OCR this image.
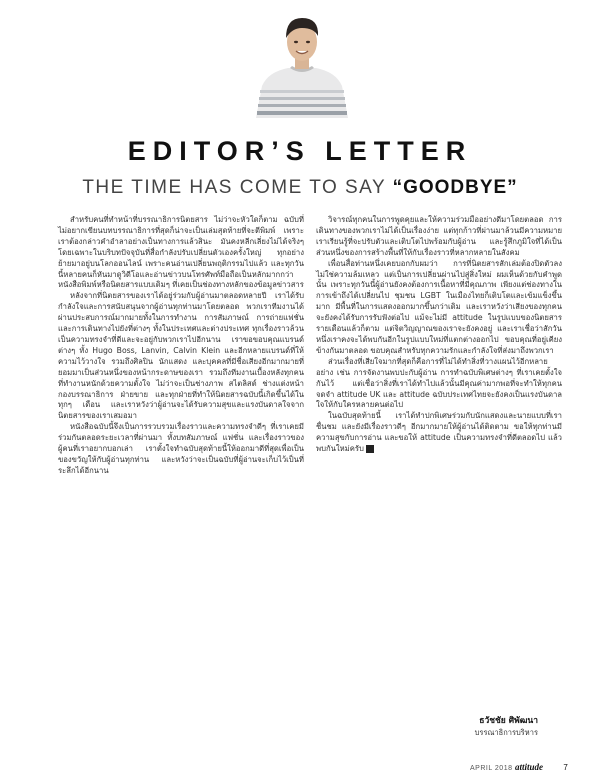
EDITOR’S LETTER
THE TIME HAS COME TO SAY “GOODBYE”

สำหรับคนที่ทำหน้าที่บรรณาธิการนิตยสาร ไม่ว่าจะหัวใดก็ตาม ฉบับที่ไม่อยากเขียนบทบรรณาธิการที่สุดก็น่าจะเป็นเล่มสุดท้ายที่จะตีพิมพ์ เพราะเราต้องกล่าวคำอำลาอย่างเป็นทางการแล้วสินะ มันคงหลีกเลี่ยงไม่ได้จริงๆ โดยเฉพาะในบริบทปัจจุบันที่สื่อกำลังปรับเปลี่ยนตัวเองครั้งใหญ่ ทุกอย่างย้ายมาอยู่บนโลกออนไลน์ เพราะคนอ่านเปลี่ยนพฤติกรรมไปแล้ว และทุกวันนี้หลายคนก็หันมาดูวิดีโอและอ่านข่าวบนโทรศัพท์มือถือเป็นหลักมากกว่าหนังสือพิมพ์หรือนิตยสารแบบเดิมๆ ที่เคยเป็นช่องทางหลักของข้อมูลข่าวสาร

หลังจากที่นิตยสารของเราได้อยู่ร่วมกับผู้อ่านมาตลอดหลายปี เราได้รับกำลังใจและการสนับสนุนจากผู้อ่านทุกท่านมาโดยตลอด พวกเราทีมงานได้ผ่านประสบการณ์มากมายทั้งในการทำงาน การสัมภาษณ์ การถ่ายแฟชั่น และการเดินทางไปยังที่ต่างๆ ทั้งในประเทศและต่างประเทศ ทุกเรื่องราวล้วนเป็นความทรงจำที่ดีและจะอยู่กับพวกเราไปอีกนาน เราขอขอบคุณแบรนด์ต่างๆ ทั้ง Hugo Boss, Lanvin, Calvin Klein และอีกหลายแบรนด์ที่ให้ความไว้วางใจ รวมถึงศิลปิน นักแสดง และบุคคลที่มีชื่อเสียงอีกมากมายที่ยอมมาเป็นส่วนหนึ่งของหน้ากระดาษของเรา รวมถึงทีมงานเบื้องหลังทุกคนที่ทำงานหนักด้วยความตั้งใจ ไม่ว่าจะเป็นช่างภาพ สไตลิสต์ ช่างแต่งหน้า กองบรรณาธิการ ฝ่ายขาย และทุกฝ่ายที่ทำให้นิตยสารฉบับนี้เกิดขึ้นได้ในทุกๆ เดือน และเราหวังว่าผู้อ่านจะได้รับความสุขและแรงบันดาลใจจากนิตยสารของเราเสมอมา

หนังสือฉบับนี้จึงเป็นการรวบรวมเรื่องราวและความทรงจำดีๆ ที่เราเคยมีร่วมกันตลอดระยะเวลาที่ผ่านมา ทั้งบทสัมภาษณ์ แฟชั่น และเรื่องราวของผู้คนที่เราอยากบอกเล่า เราตั้งใจทำฉบับสุดท้ายนี้ให้ออกมาดีที่สุดเพื่อเป็นของขวัญให้กับผู้อ่านทุกท่าน และหวังว่าจะเป็นฉบับที่ผู้อ่านจะเก็บไว้เป็นที่ระลึกได้อีกนาน

วิจารณ์ทุกคนในการพูดคุยและให้ความร่วมมืออย่างดีมาโดยตลอด การเดินทางของพวกเราไม่ได้เป็นเรื่องง่าย แต่ทุกก้าวที่ผ่านมาล้วนมีความหมาย เราเรียนรู้ที่จะปรับตัวและเติบโตไปพร้อมกับผู้อ่าน และรู้สึกภูมิใจที่ได้เป็นส่วนหนึ่งของการสร้างพื้นที่ให้กับเรื่องราวที่หลากหลายในสังคม

เพื่อนสื่อท่านหนึ่งเคยบอกกับผมว่า การที่นิตยสารสักเล่มต้องปิดตัวลงไม่ใช่ความล้มเหลว แต่เป็นการเปลี่ยนผ่านไปสู่สิ่งใหม่ ผมเห็นด้วยกับคำพูดนั้น เพราะทุกวันนี้ผู้อ่านยังคงต้องการเนื้อหาที่มีคุณภาพ เพียงแต่ช่องทางในการเข้าถึงได้เปลี่ยนไป ชุมชน LGBT ในเมืองไทยก็เติบโตและเข้มแข็งขึ้นมาก มีพื้นที่ในการแสดงออกมากขึ้นกว่าเดิม และเราหวังว่าเสียงของทุกคนจะยังคงได้รับการรับฟังต่อไป แม้จะไม่มี attitude ในรูปแบบของนิตยสารรายเดือนแล้วก็ตาม แต่จิตวิญญาณของเราจะยังคงอยู่ และเราเชื่อว่าสักวันหนึ่งเราคงจะได้พบกันอีกในรูปแบบใหม่ที่แตกต่างออกไป ขอบคุณที่อยู่เคียงข้างกันมาตลอด ขอบคุณสำหรับทุกความรักและกำลังใจที่ส่งมาถึงพวกเรา

ส่วนเรื่องที่เสียใจมากที่สุดก็คือการที่ไม่ได้ทำสิ่งที่วางแผนไว้อีกหลายอย่าง เช่น การจัดงานพบปะกับผู้อ่าน การทำฉบับพิเศษต่างๆ ที่เราเคยตั้งใจกันไว้ แต่เชื่อว่าสิ่งที่เราได้ทำไปแล้วนั้นมีคุณค่ามากพอที่จะทำให้ทุกคนจดจำ attitude UK และ attitude ฉบับประเทศไทยจะยังคงเป็นแรงบันดาลใจให้กับใครหลายคนต่อไป

ในฉบับสุดท้ายนี้ เราได้ทำปกพิเศษร่วมกับนักแสดงและนายแบบที่เราชื่นชม และยังมีเรื่องราวดีๆ อีกมากมายให้ผู้อ่านได้ติดตาม ขอให้ทุกท่านมีความสุขกับการอ่าน และขอให้ attitude เป็นความทรงจำที่ดีตลอดไป แล้วพบกันใหม่ครับ a

ธวัชชัย ศิพัฒนา
บรรณาธิการบริหาร
APRIL 2018 attitude	7
